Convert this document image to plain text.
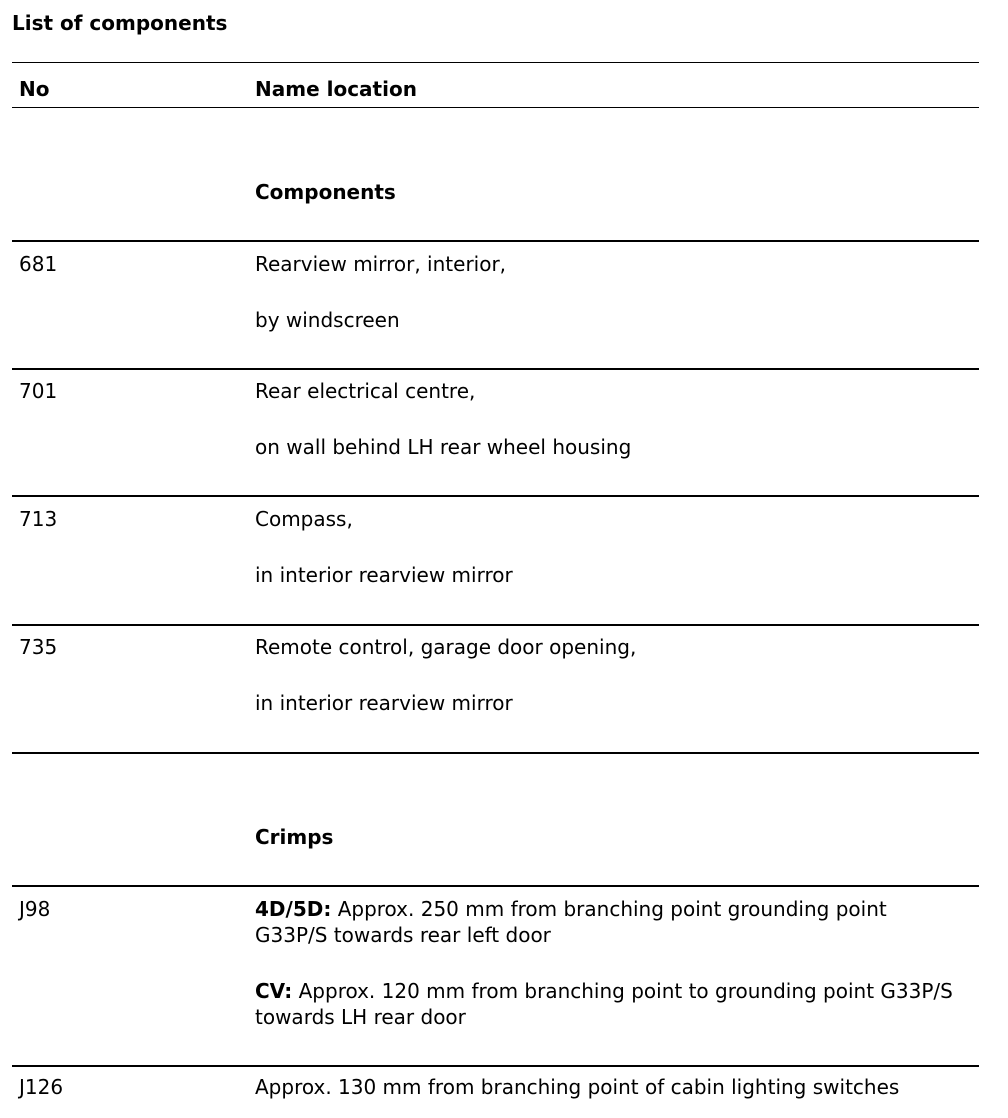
List of components
No	Name location
Components
681	Rearview mirror, interior,
by windscreen
701	Rear electrical centre,
on wall behind LH rear wheel housing
713	Compass,
in interior rearview mirror
735	Remote control, garage door opening,
in interior rearview mirror
Crimps
J98	4D/5D: Approx. 250 mm from branching point grounding point G33P/S towards rear left door
CV: Approx. 120 mm from branching point to grounding point G33P/S towards LH rear door
J126	Approx. 130 mm from branching point of cabin lighting switches
